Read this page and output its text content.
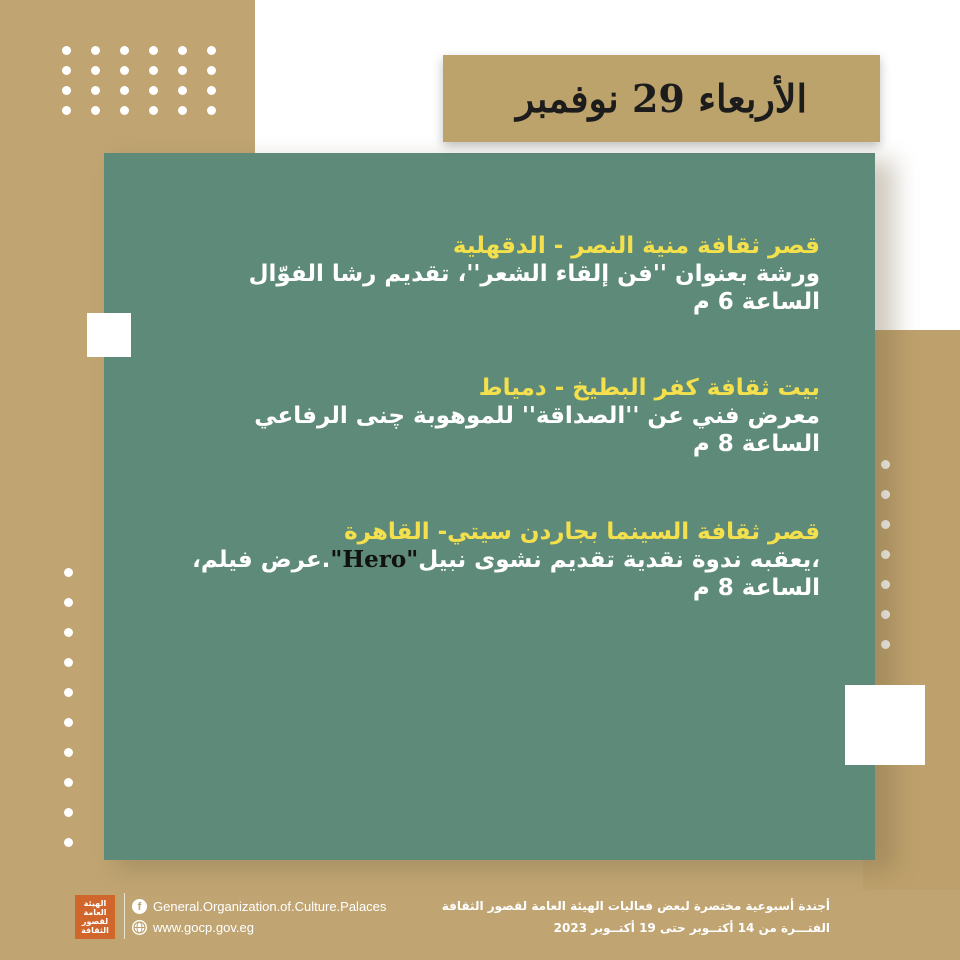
الأربعاء 29 نوفمبر
قصر ثقافة منية النصر - الدقهلية
ورشة بعنوان ''فن إلقاء الشعر''، تقديم رشا الفوّال
الساعة 6 م
بيت ثقافة كفر البطيخ - دمياط
معرض فني عن ''الصداقة'' للموهوبة چنى الرفاعي
الساعة 8 م
قصر ثقافة السينما بجاردن سيتي- القاهرة
،يعقبه ندوة نقدية تقديم نشوى نبيل"Hero".عرض فيلم،
الساعة 8 م
الهيئة العامة لقصور الثقافة
f General.Organization.of.Culture.Palaces
www.gocp.gov.eg
أجندة أسبوعية مختصرة لبعض فعاليات الهيئة العامة لقصور الثقافة
الفتـــرة من 14 أكتــوبر حتى 19 أكتــوبر 2023
